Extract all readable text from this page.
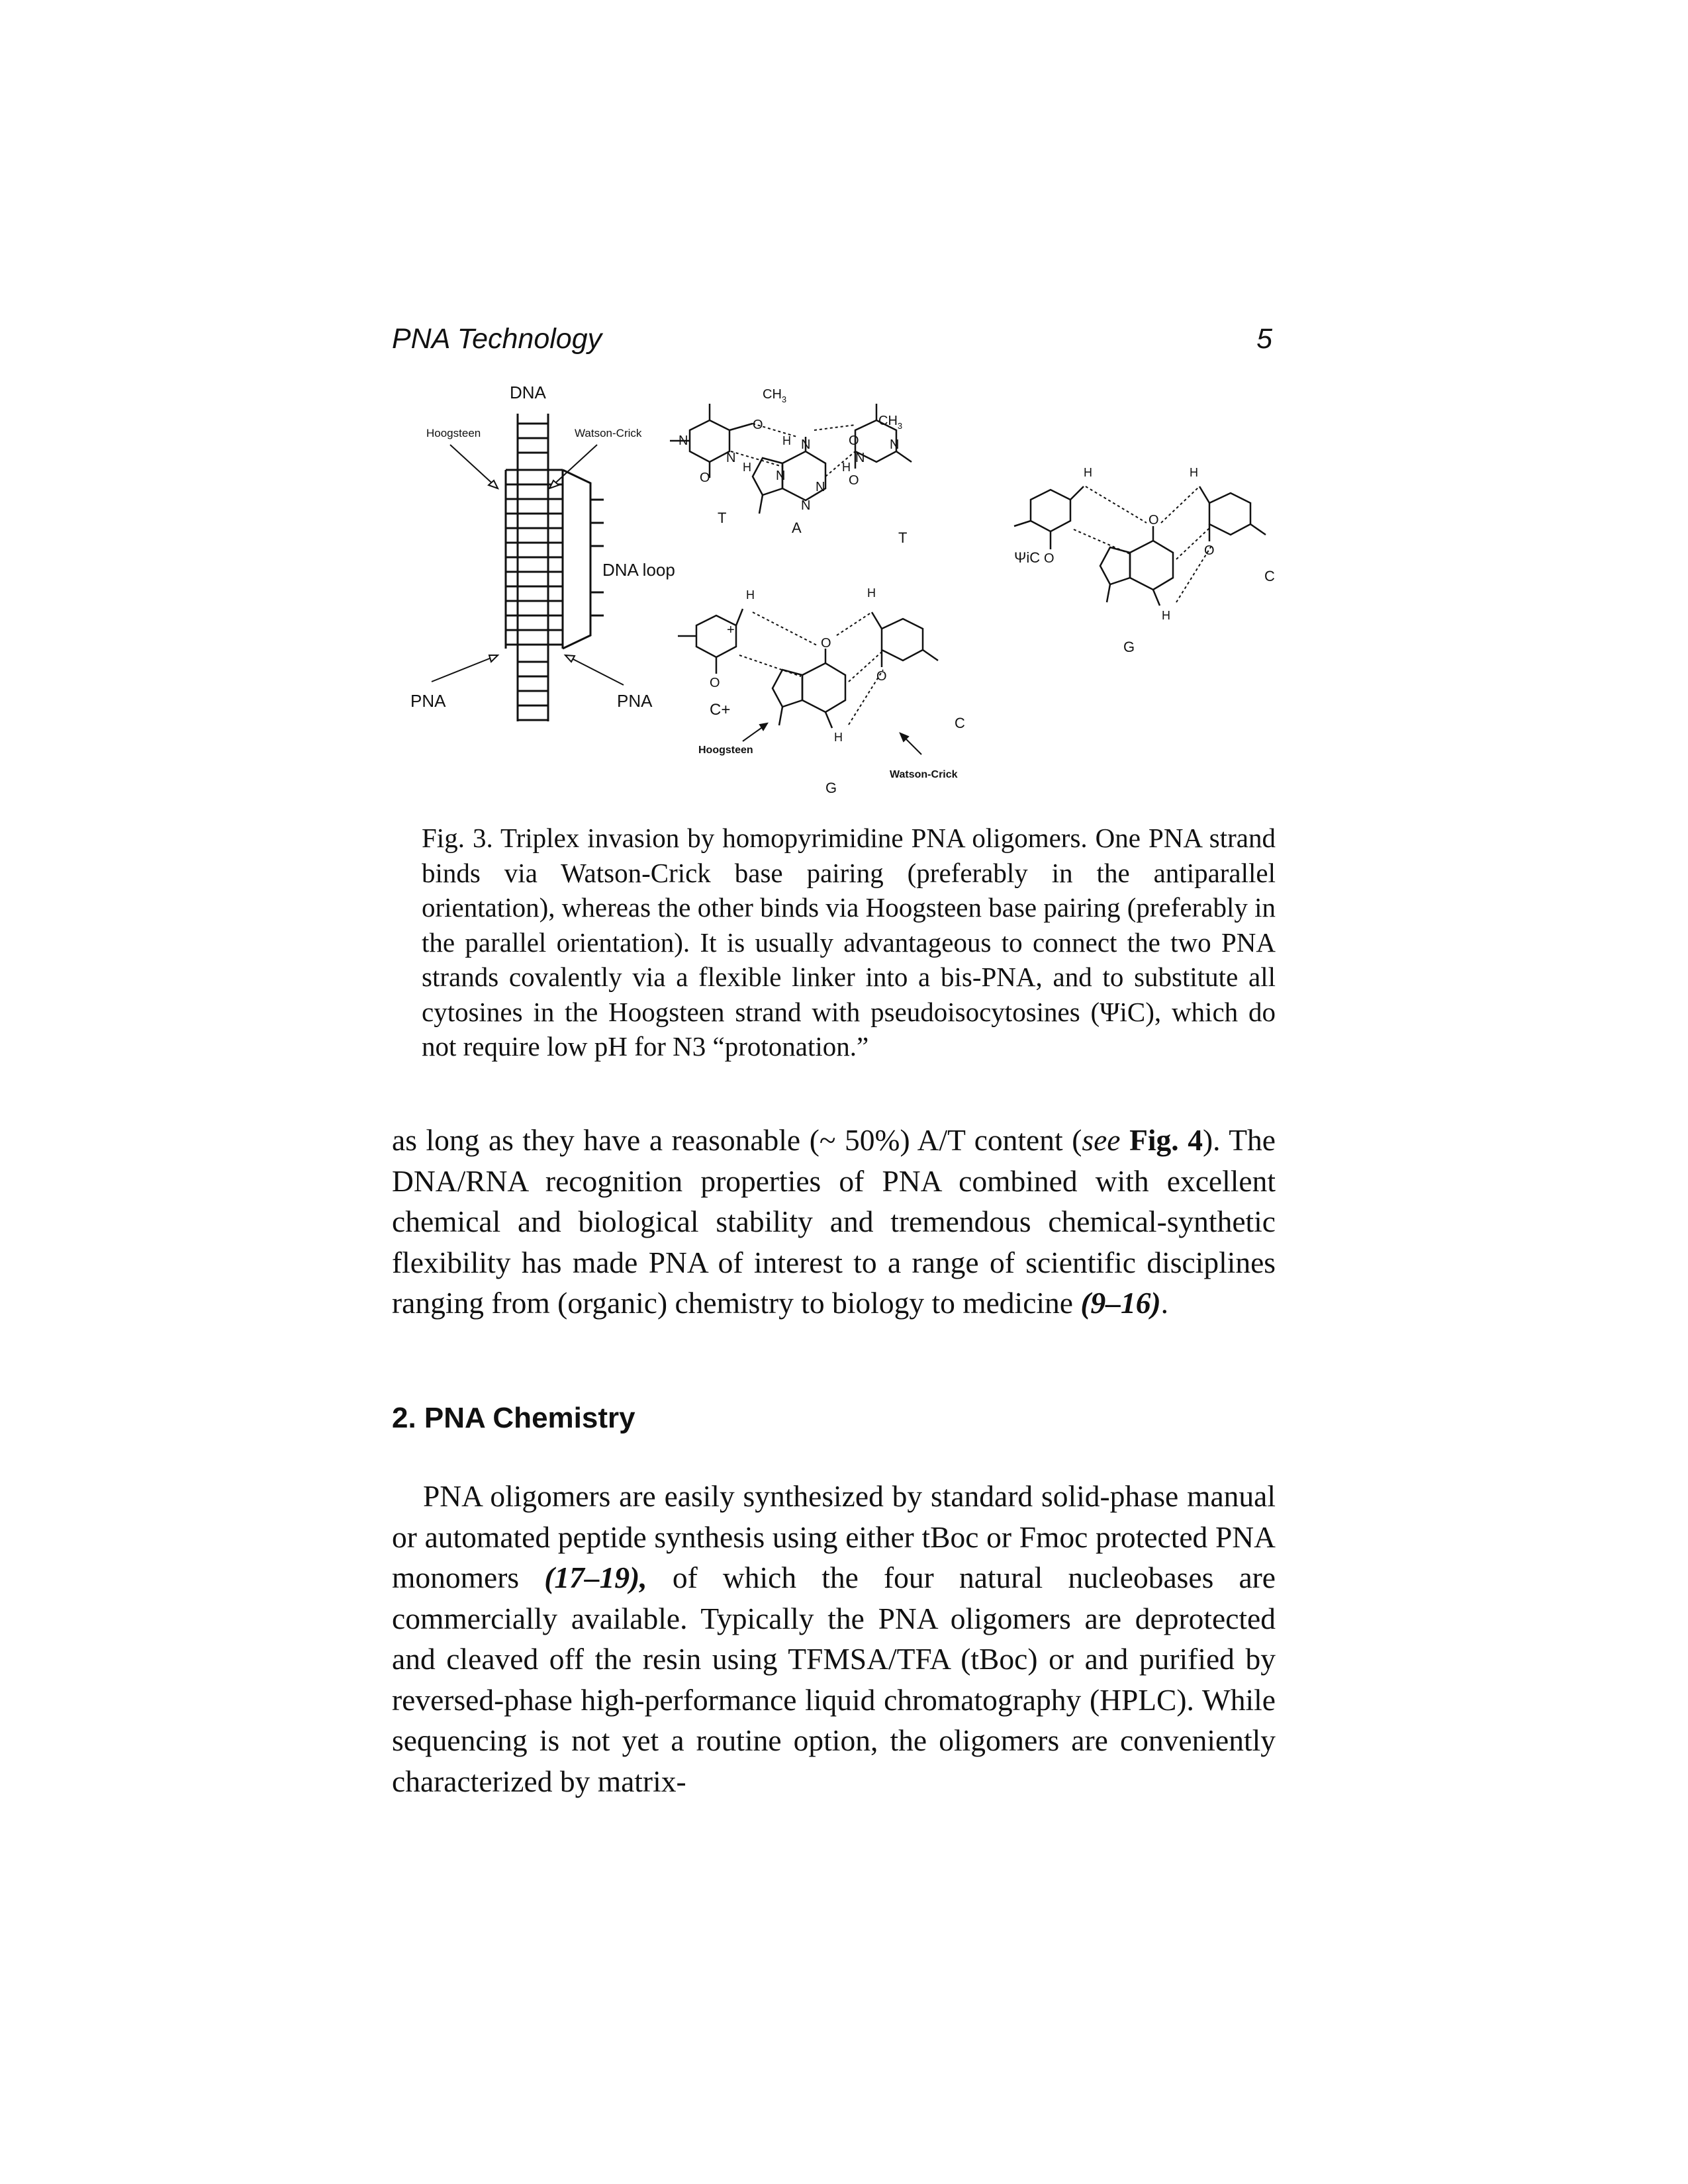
PNA Technology	5
DNA
Hoogsteen	Watson-Crick
DNA loop
PNA	PNA
$CH_3$
$CH_3$
O
O
O
O
N
N
N
N
N
N
N
N
H
H
H
T
A
T
H	H
+
O
O
O
H
C+
C
G
Hoogsteen
Watson-Crick
H	H
O
O
O
H
ΨiC
C
G
Fig. 3. Triplex invasion by homopyrimidine PNA oligomers. One PNA strand binds via Watson-Crick base pairing (preferably in the antiparallel orientation), whereas the other binds via Hoogsteen base pairing (preferably in the parallel orientation). It is usually advantageous to connect the two PNA strands covalently via a flexible linker into a bis-PNA, and to substitute all cytosines in the Hoogsteen strand with pseudoisocytosines (ΨiC), which do not require low pH for N3 “protonation.”
as long as they have a reasonable (~ 50%) A/T content (see Fig. 4). The DNA/RNA recognition properties of PNA combined with excellent chemical and biological stability and tremendous chemical-synthetic flexibility has made PNA of interest to a range of scientific disciplines ranging from (organic) chemistry to biology to medicine (9–16).
2. PNA Chemistry
PNA oligomers are easily synthesized by standard solid-phase manual or automated peptide synthesis using either tBoc or Fmoc protected PNA monomers (17–19), of which the four natural nucleobases are commercially available. Typically the PNA oligomers are deprotected and cleaved off the resin using TFMSA/TFA (tBoc) or and purified by reversed-phase high-performance liquid chromatography (HPLC). While sequencing is not yet a routine option, the oligomers are conveniently characterized by matrix-
